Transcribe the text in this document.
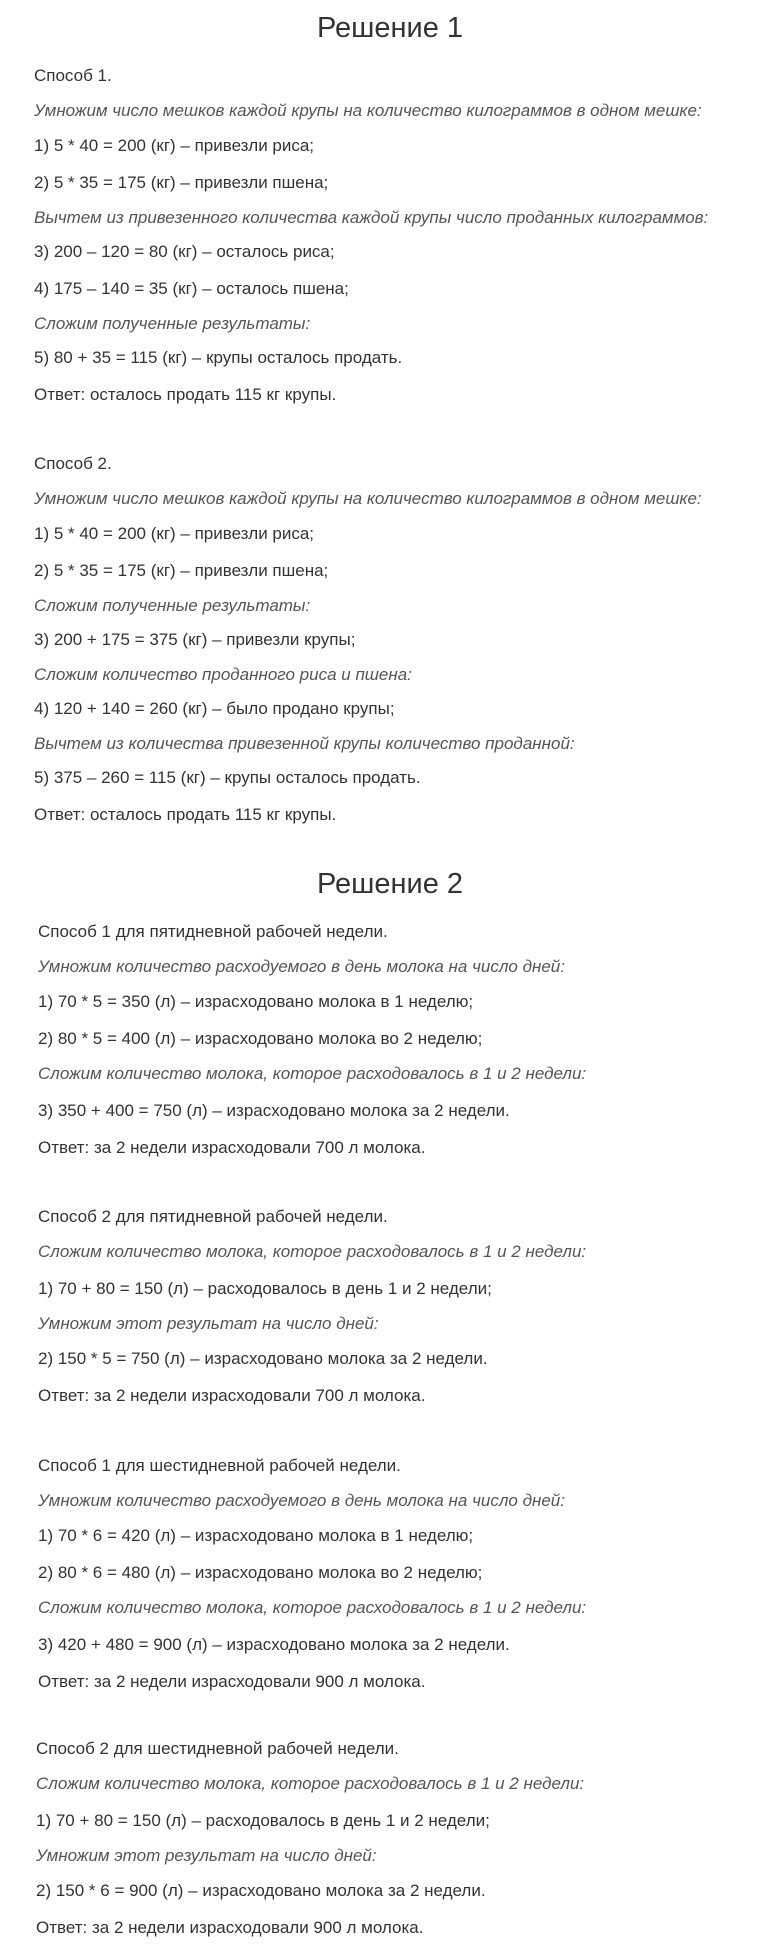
Решение 1
Способ 1.
Умножим число мешков каждой крупы на количество килограммов в одном мешке:
1) 5 * 40 = 200 (кг) – привезли риса;
2) 5 * 35 = 175 (кг) – привезли пшена;
Вычтем из привезенного количества каждой крупы число проданных килограммов:
3) 200 – 120 = 80 (кг) – осталось риса;
4) 175 – 140 = 35 (кг) – осталось пшена;
Сложим полученные результаты:
5) 80 + 35 = 115 (кг) – крупы осталось продать.
Ответ: осталось продать 115 кг крупы.
Способ 2.
Умножим число мешков каждой крупы на количество килограммов в одном мешке:
1) 5 * 40 = 200 (кг) – привезли риса;
2) 5 * 35 = 175 (кг) – привезли пшена;
Сложим полученные результаты:
3) 200 + 175 = 375 (кг) – привезли крупы;
Сложим количество проданного риса и пшена:
4) 120 + 140 = 260 (кг) – было продано крупы;
Вычтем из количества привезенной крупы количество проданной:
5) 375 – 260 = 115 (кг) – крупы осталось продать.
Ответ: осталось продать 115 кг крупы.
Решение 2
Способ 1 для пятидневной рабочей недели.
Умножим количество расходуемого в день молока на число дней:
1) 70 * 5 = 350 (л) – израсходовано молока в 1 неделю;
2) 80 * 5 = 400 (л) – израсходовано молока во 2 неделю;
Сложим количество молока, которое расходовалось в 1 и 2 недели:
3) 350 + 400 = 750 (л) – израсходовано молока за 2 недели.
Ответ: за 2 недели израсходовали 700 л молока.
Способ 2 для пятидневной рабочей недели.
Сложим количество молока, которое расходовалось в 1 и 2 недели:
1) 70 + 80 = 150 (л) – расходовалось в день 1 и 2 недели;
Умножим этот результат на число дней:
2) 150 * 5 = 750 (л) – израсходовано молока за 2 недели.
Ответ: за 2 недели израсходовали 700 л молока.
Способ 1 для шестидневной рабочей недели.
Умножим количество расходуемого в день молока на число дней:
1) 70 * 6 = 420 (л) – израсходовано молока в 1 неделю;
2) 80 * 6 = 480 (л) – израсходовано молока во 2 неделю;
Сложим количество молока, которое расходовалось в 1 и 2 недели:
3) 420 + 480 = 900 (л) – израсходовано молока за 2 недели.
Ответ: за 2 недели израсходовали 900 л молока.
Способ 2 для шестидневной рабочей недели.
Сложим количество молока, которое расходовалось в 1 и 2 недели:
1) 70 + 80 = 150 (л) – расходовалось в день 1 и 2 недели;
Умножим этот результат на число дней:
2) 150 * 6 = 900 (л) – израсходовано молока за 2 недели.
Ответ: за 2 недели израсходовали 900 л молока.
